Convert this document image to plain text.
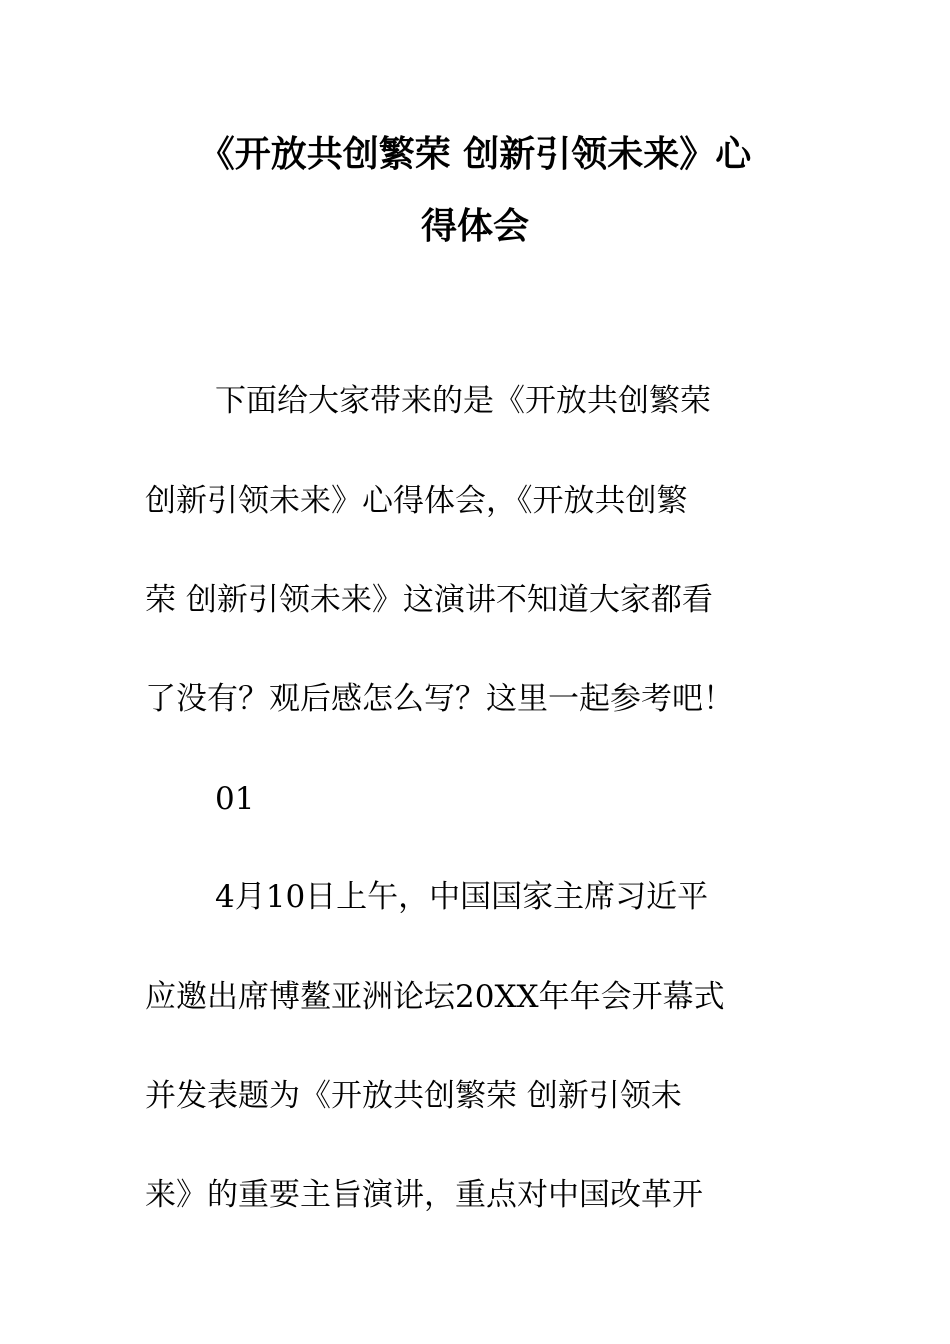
《开放共创繁荣 创新引领未来》心
得体会
下面给大家带来的是《开放共创繁荣
创新引领未来》心得体会，《开放共创繁
荣 创新引领未来》这演讲不知道大家都看
了没有？观后感怎么写？这里一起参考吧！
01
4月10日上午，中国国家主席习近平
应邀出席博鳌亚洲论坛20XX年年会开幕式
并发表题为《开放共创繁荣 创新引领未
来》的重要主旨演讲，重点对中国改革开
